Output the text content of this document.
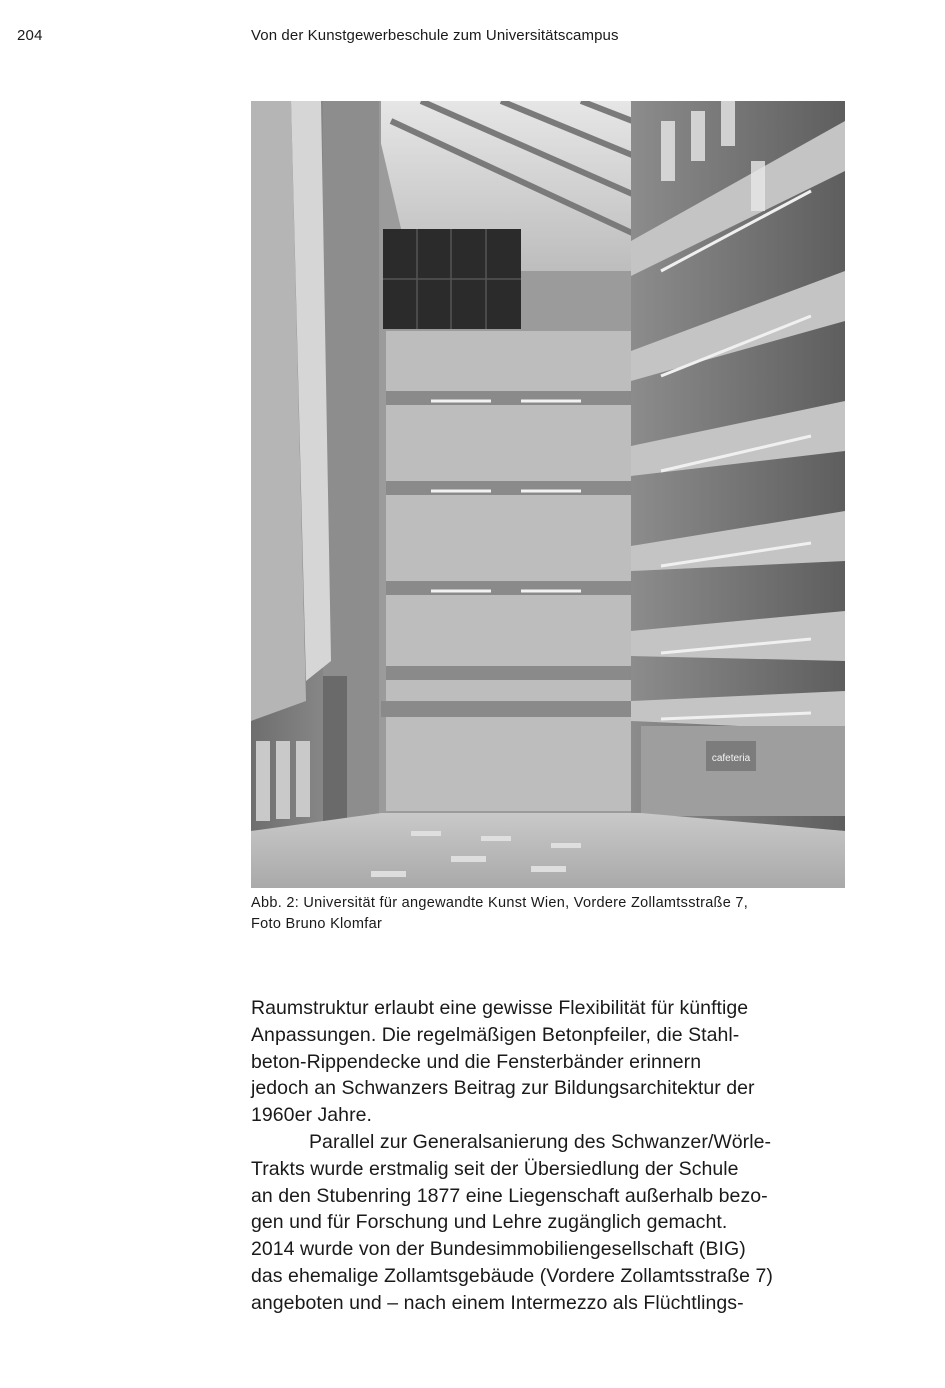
204	Von der Kunstgewerbeschule zum Universitätscampus
cafeteria

Abb. 2: Universität für angewandte Kunst Wien, Vordere Zollamtsstraße 7,

Foto Bruno Klomfar

Raumstruktur erlaubt eine gewisse Flexibilität für künftige

Anpassungen. Die regelmäßigen Betonpfeiler, die Stahl-

beton-Rippendecke und die Fensterbänder erinnern

jedoch an Schwanzers Beitrag zur Bildungsarchitektur der

1960er Jahre.

Parallel zur Generalsanierung des Schwanzer/Wörle-

Trakts wurde erstmalig seit der Übersiedlung der Schule

an den Stubenring 1877 eine Liegenschaft außerhalb bezo-

gen und für Forschung und Lehre zugänglich gemacht.

2014 wurde von der Bundesimmobiliengesellschaft (BIG)

das ehemalige Zollamtsgebäude (Vordere Zollamtsstraße 7)

angeboten und – nach einem Intermezzo als Flüchtlings-
